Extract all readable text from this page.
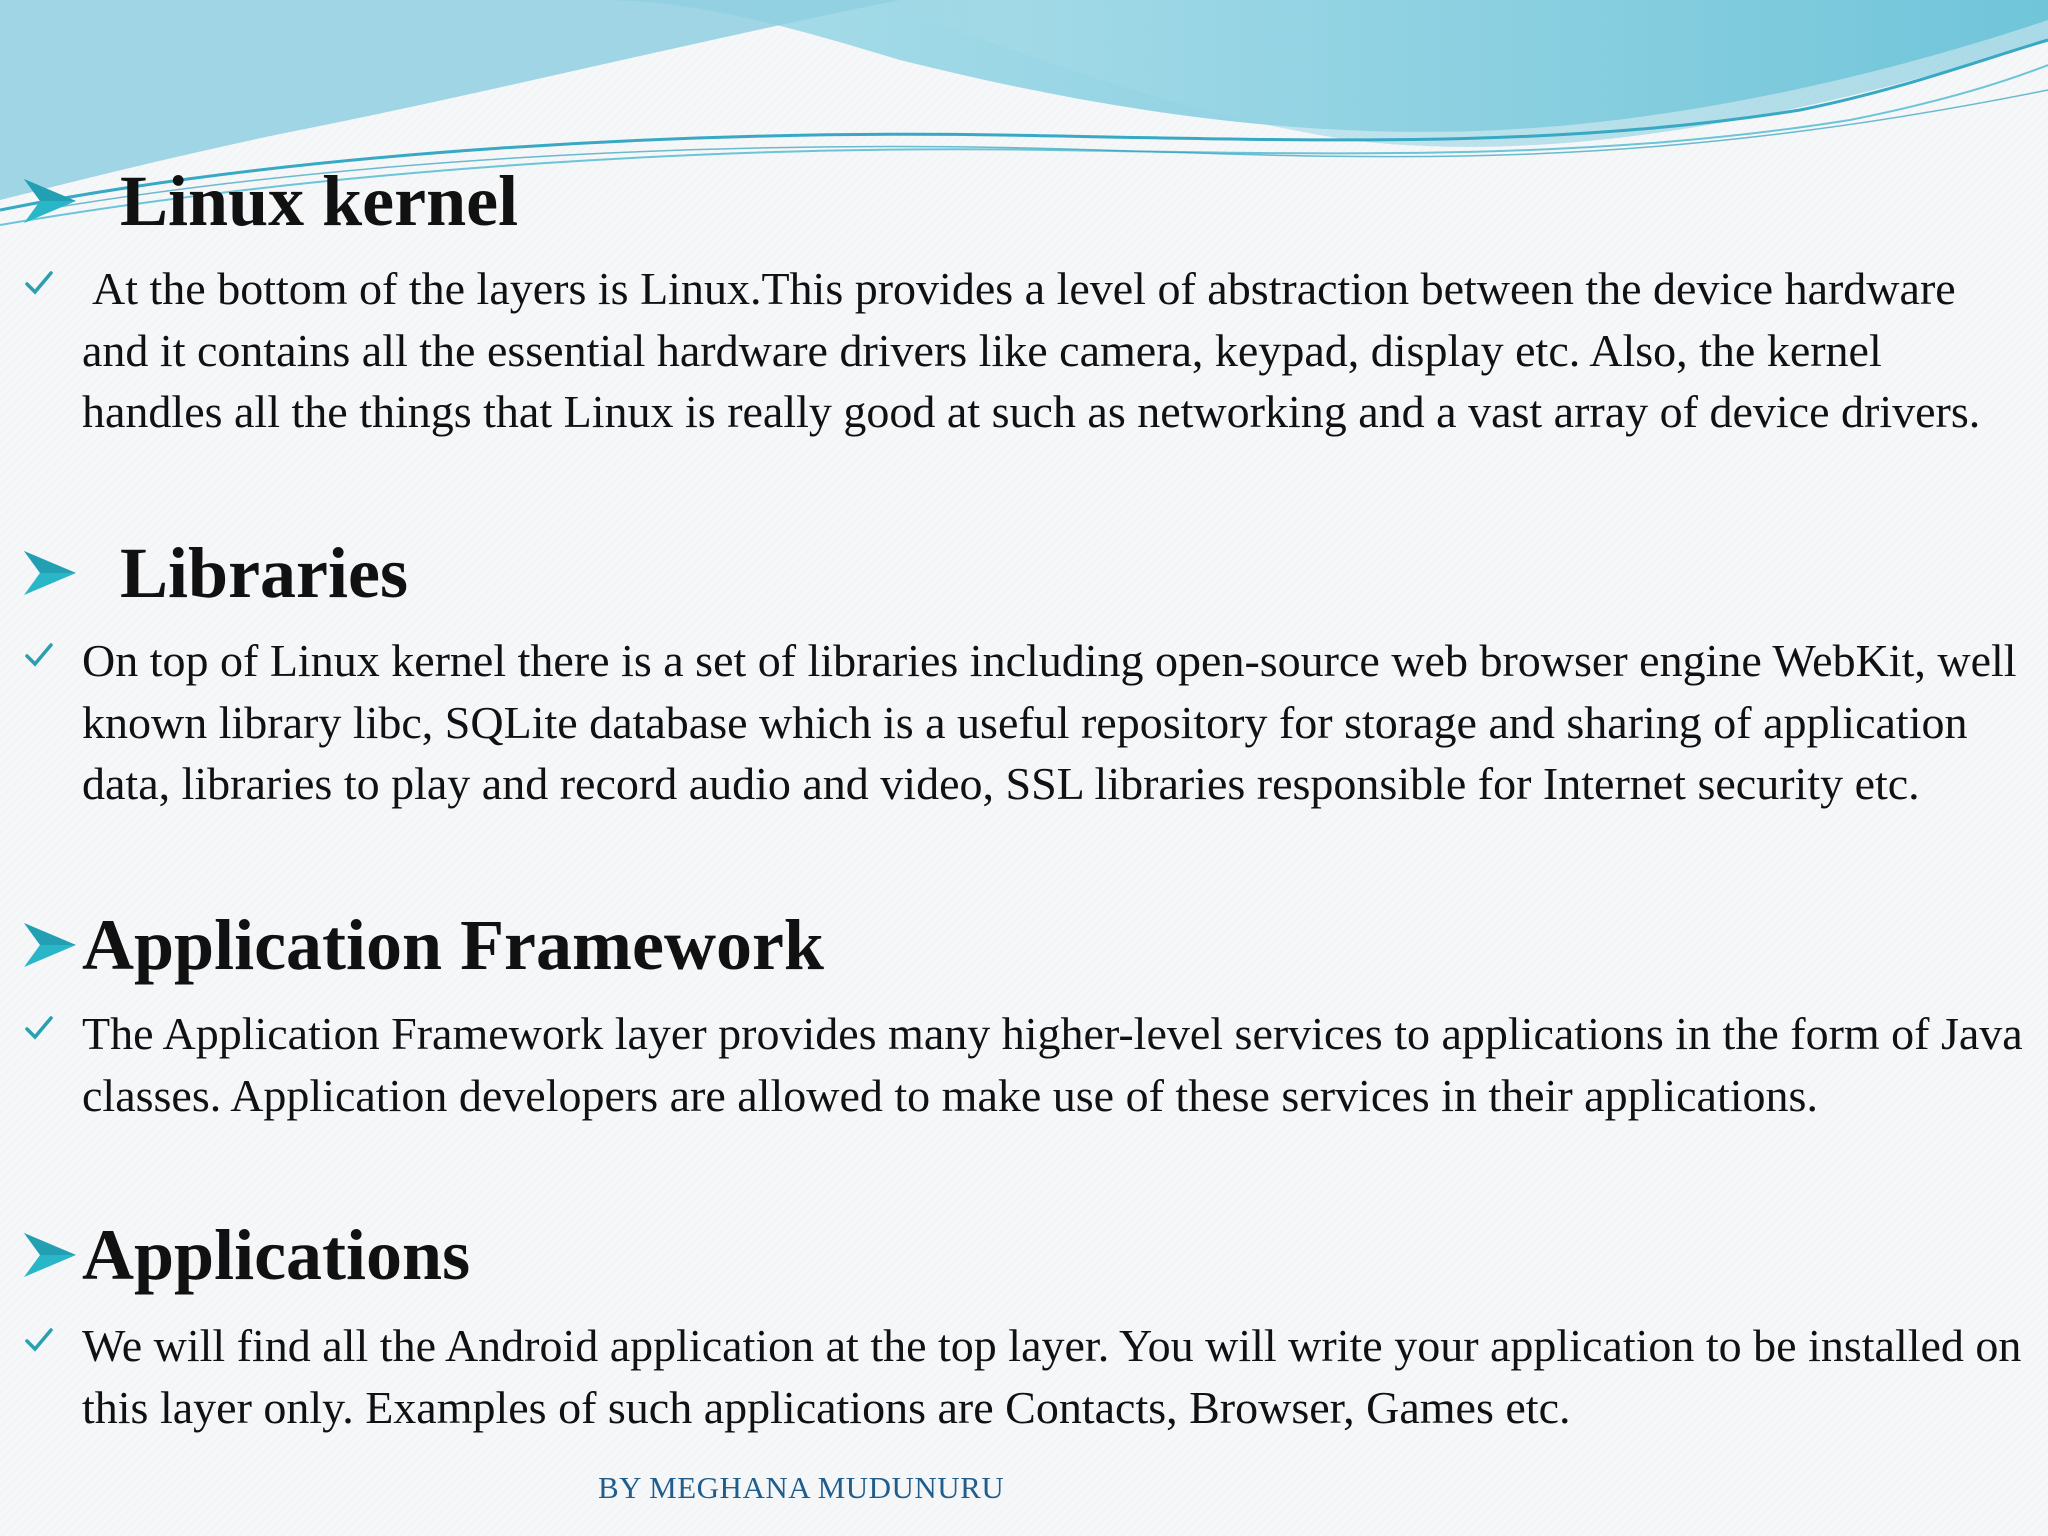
Linux kernel
At the bottom of the layers is Linux.This provides a level of abstraction between the device hardware and it contains all the essential hardware drivers like camera, keypad, display etc. Also, the kernel handles all the things that Linux is really good at such as networking and a vast array of device drivers.
Libraries
On top of Linux kernel there is a set of libraries including open-source web browser engine WebKit, well known library libc, SQLite database which is a useful repository for storage and sharing of application data, libraries to play and record audio and video, SSL libraries responsible for Internet security etc.
Application Framework
The Application Framework layer provides many higher-level services to applications in the form of Java classes. Application developers are allowed to make use of these services in their applications.
Applications
We will find all the Android application at the top layer. You will write your application to be installed on this layer only. Examples of such applications are Contacts, Browser, Games etc.
BY MEGHANA MUDUNURU
